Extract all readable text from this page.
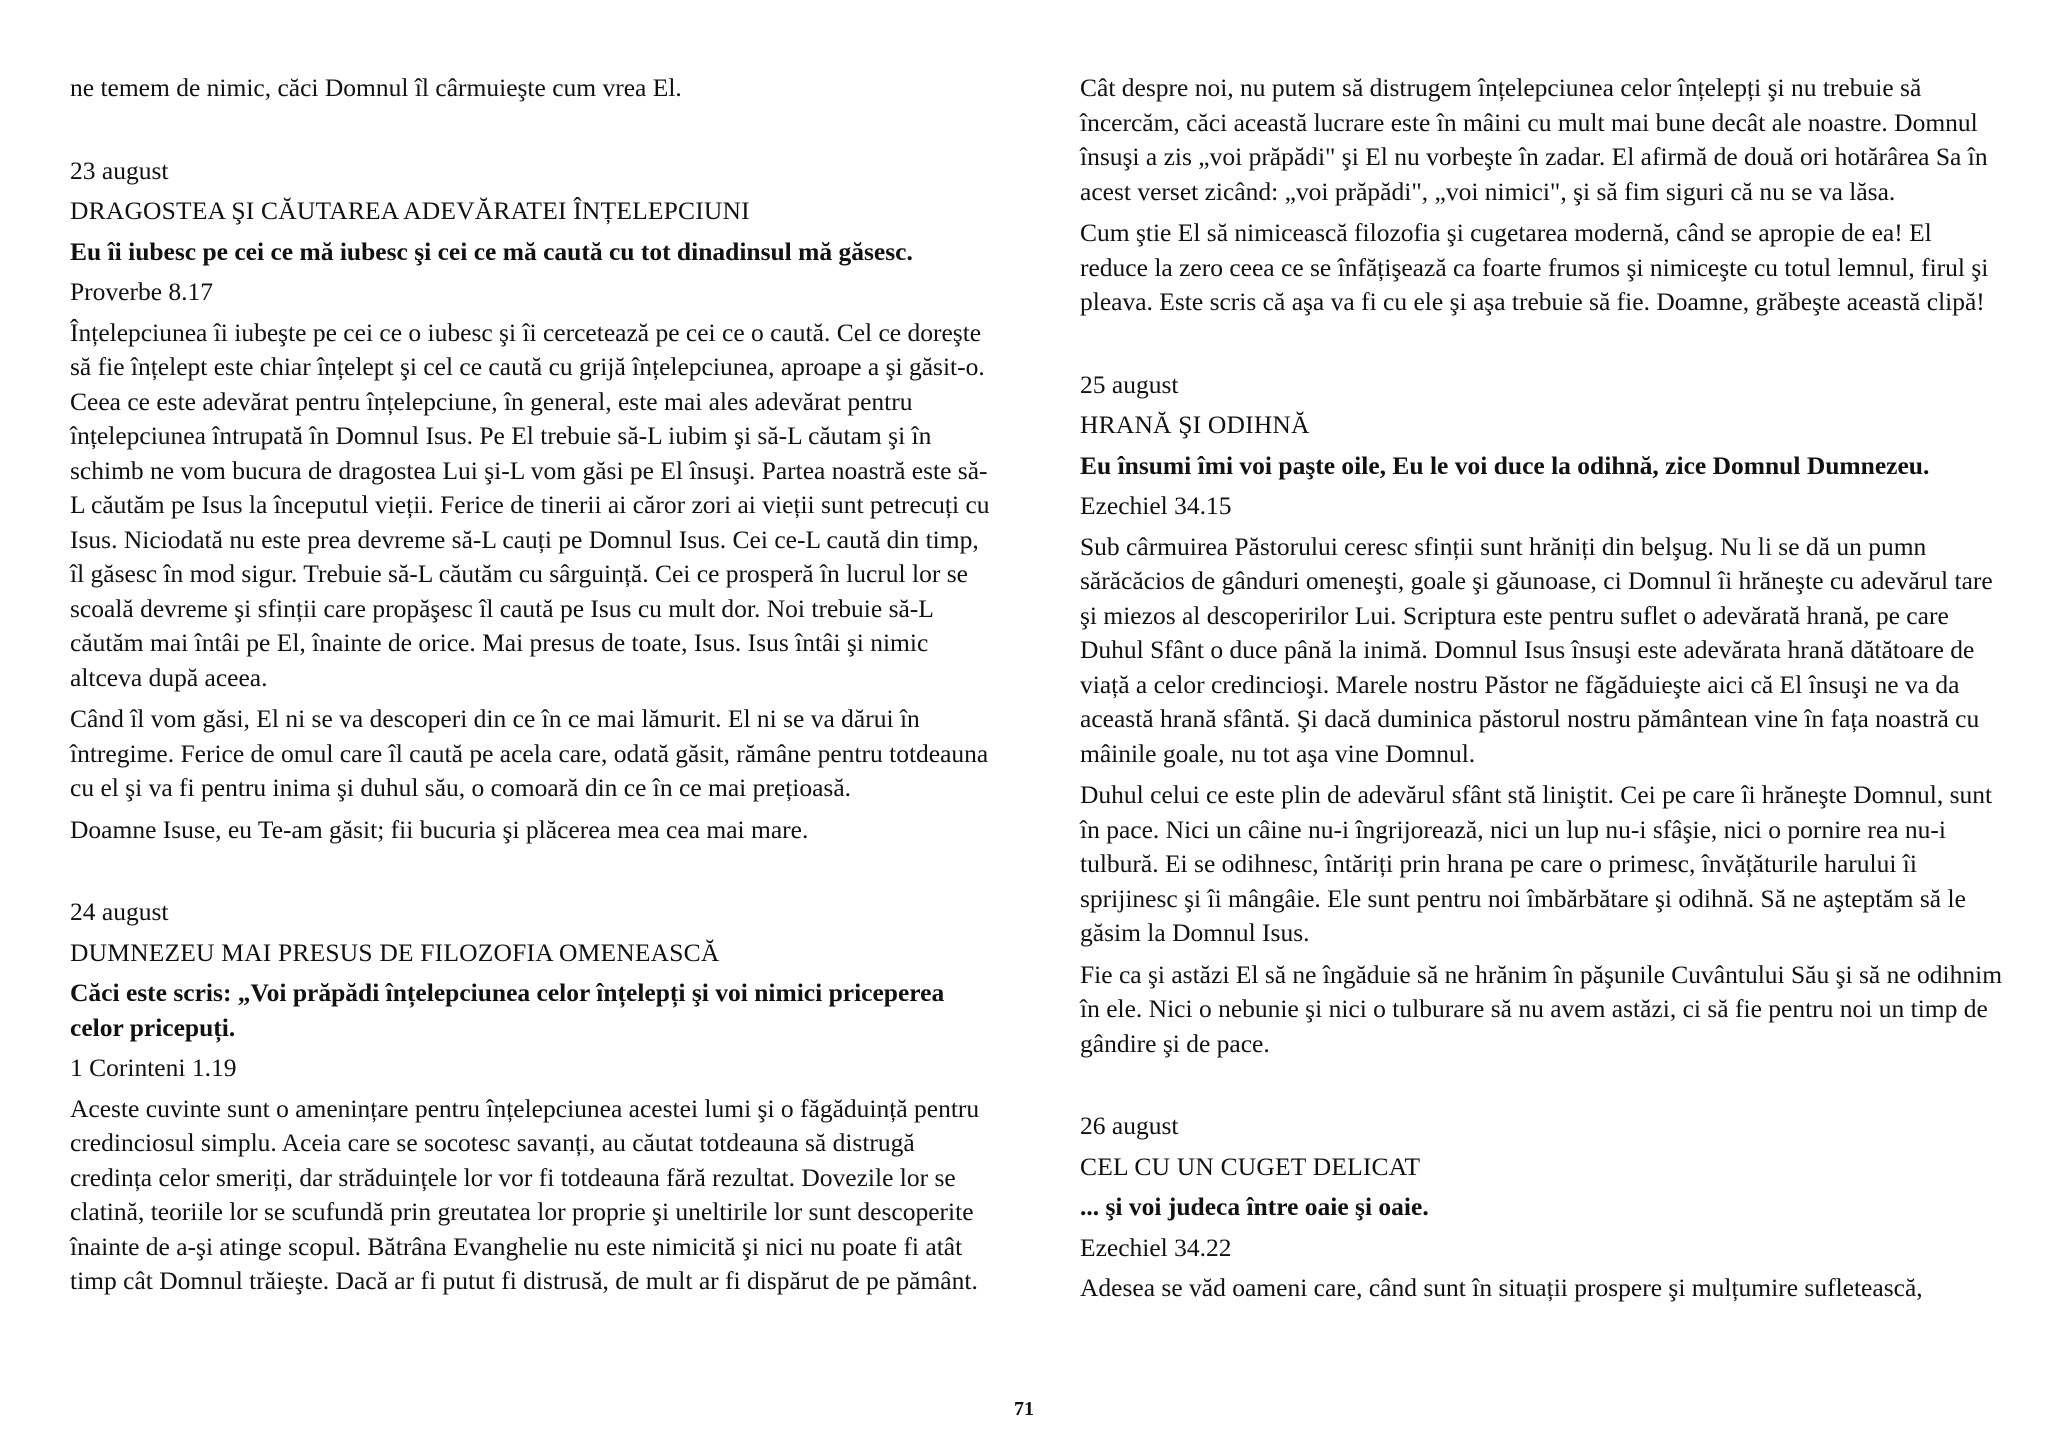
ne temem de nimic, căci Domnul îl cârmuieşte cum vrea El.

23 august

DRAGOSTEA ŞI CĂUTAREA ADEVĂRATEI ÎNȚELEPCIUNI

Eu îi iubesc pe cei ce mă iubesc şi cei ce mă caută cu tot dinadinsul mă găsesc.

Proverbe 8.17

Înțelepciunea îi iubeşte pe cei ce o iubesc şi îi cercetează pe cei ce o caută. Cel ce doreşte să fie înțelept este chiar înțelept şi cel ce caută cu grijă înțelepciunea, aproape a şi găsit-o. Ceea ce este adevărat pentru înțelepciune, în general, este mai ales adevărat pentru înțelepciunea întrupată în Domnul Isus. Pe El trebuie să-L iubim şi să-L căutam şi în schimb ne vom bucura de dragostea Lui şi-L vom găsi pe El însuşi. Partea noastră este să-L căutăm pe Isus la începutul vieții. Ferice de tinerii ai căror zori ai vieții sunt petrecuți cu Isus. Niciodată nu este prea devreme să-L cauți pe Domnul Isus. Cei ce-L caută din timp, îl găsesc în mod sigur. Trebuie să-L căutăm cu sârguință. Cei ce prosperă în lucrul lor se scoală devreme şi sfinții care propăşesc îl caută pe Isus cu mult dor. Noi trebuie să-L căutăm mai întâi pe El, înainte de orice. Mai presus de toate, Isus. Isus întâi şi nimic altceva după aceea.

Când îl vom găsi, El ni se va descoperi din ce în ce mai lămurit. El ni se va dărui în întregime. Ferice de omul care îl caută pe acela care, odată găsit, rămâne pentru totdeauna cu el şi va fi pentru inima şi duhul său, o comoară din ce în ce mai prețioasă.

Doamne Isuse, eu Te-am găsit; fii bucuria şi plăcerea mea cea mai mare.

24 august

DUMNEZEU MAI PRESUS DE FILOZOFIA OMENEASCĂ

Căci este scris: „Voi prăpădi înțelepciunea celor înțelepți şi voi nimici priceperea celor pricepuți.

1 Corinteni 1.19

Aceste cuvinte sunt o amenințare pentru înțelepciunea acestei lumi şi o făgăduință pentru credinciosul simplu. Aceia care se socotesc savanți, au căutat totdeauna să distrugă credința celor smeriți, dar străduințele lor vor fi totdeauna fără rezultat. Dovezile lor se clatină, teoriile lor se scufundă prin greutatea lor proprie şi uneltirile lor sunt descoperite înainte de a-şi atinge scopul. Bătrâna Evanghelie nu este nimicită şi nici nu poate fi atât timp cât Domnul trăieşte. Dacă ar fi putut fi distrusă, de mult ar fi dispărut de pe pământ.

Cât despre noi, nu putem să distrugem înțelepciunea celor înțelepți şi nu trebuie să încercăm, căci această lucrare este în mâini cu mult mai bune decât ale noastre. Domnul însuşi a zis „voi prăpădi" şi El nu vorbeşte în zadar. El afirmă de două ori hotărârea Sa în acest verset zicând: „voi prăpădi", „voi nimici", şi să fim siguri că nu se va lăsa.

Cum ştie El să nimicească filozofia şi cugetarea modernă, când se apropie de ea! El reduce la zero ceea ce se înfățişează ca foarte frumos şi nimiceşte cu totul lemnul, firul şi pleava. Este scris că aşa va fi cu ele şi aşa trebuie să fie. Doamne, grăbeşte această clipă!

25 august

HRANĂ ŞI ODIHNĂ

Eu însumi îmi voi paşte oile, Eu le voi duce la odihnă, zice Domnul Dumnezeu.

Ezechiel 34.15

Sub cârmuirea Păstorului ceresc sfinții sunt hrăniți din belşug. Nu li se dă un pumn sărăcăcios de gânduri omeneşti, goale şi găunoase, ci Domnul îi hrăneşte cu adevărul tare şi miezos al descoperirilor Lui. Scriptura este pentru suflet o adevărată hrană, pe care Duhul Sfânt o duce până la inimă. Domnul Isus însuşi este adevărata hrană dătătoare de viață a celor credincioşi. Marele nostru Păstor ne făgăduieşte aici că El însuşi ne va da această hrană sfântă. Şi dacă duminica păstorul nostru pământean vine în fața noastră cu mâinile goale, nu tot aşa vine Domnul.

Duhul celui ce este plin de adevărul sfânt stă liniştit. Cei pe care îi hrăneşte Domnul, sunt în pace. Nici un câine nu-i îngrijorează, nici un lup nu-i sfâşie, nici o pornire rea nu-i tulbură. Ei se odihnesc, întăriți prin hrana pe care o primesc, învățăturile harului îi sprijinesc şi îi mângâie. Ele sunt pentru noi îmbărbătare şi odihnă. Să ne aşteptăm să le găsim la Domnul Isus.

Fie ca şi astăzi El să ne îngăduie să ne hrănim în păşunile Cuvântului Său şi să ne odihnim în ele. Nici o nebunie şi nici o tulburare să nu avem astăzi, ci să fie pentru noi un timp de gândire şi de pace.

26 august

CEL CU UN CUGET DELICAT

... şi voi judeca între oaie şi oaie.

Ezechiel 34.22

Adesea se văd oameni care, când sunt în situații prospere şi mulțumire sufletească,

71
